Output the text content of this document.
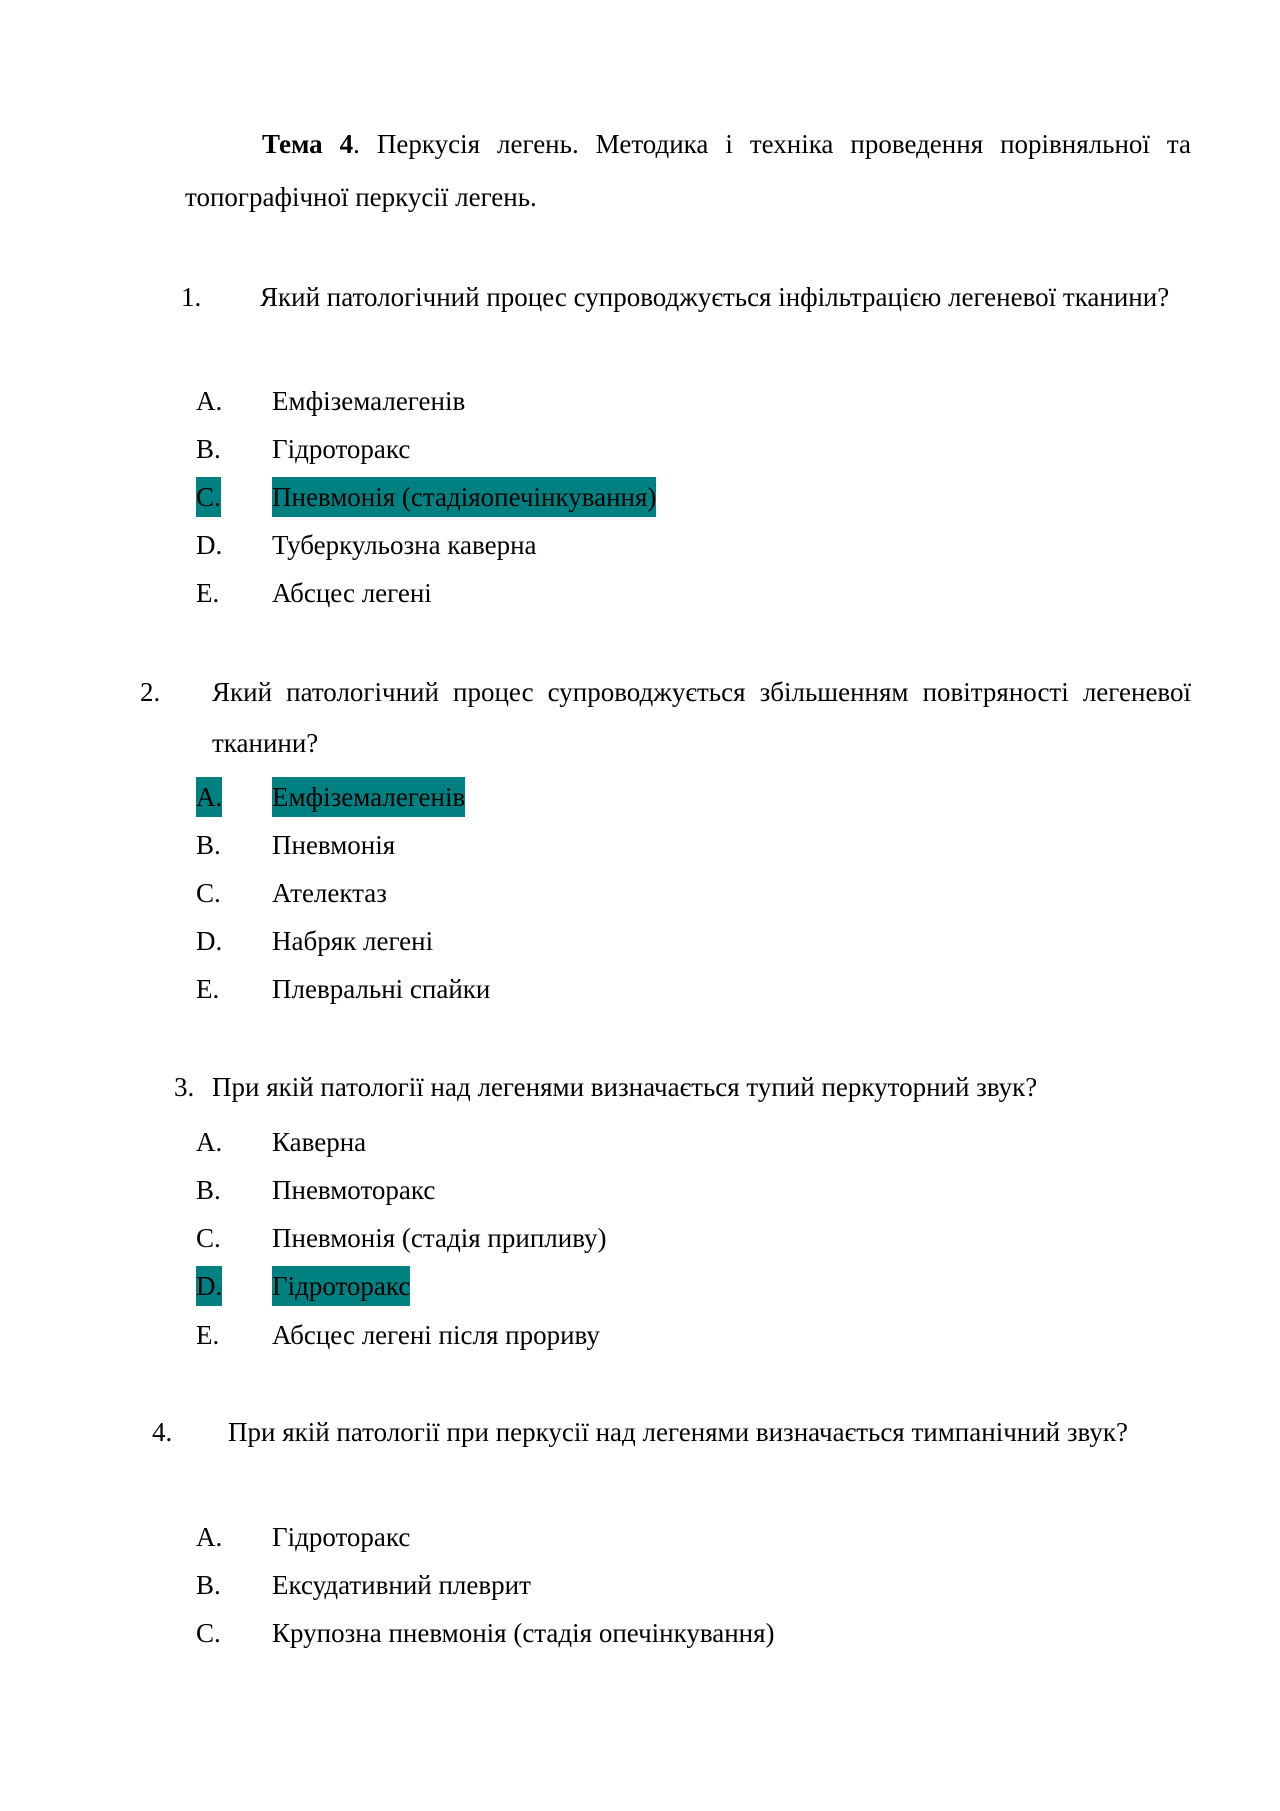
Тема 4. Перкусія легень. Методика і техніка проведення порівняльної та топографічної перкусії легень.
1. Який патологічний процес супроводжується інфільтрацією легеневої тканини?
A. Емфіземалегенів
B. Гідроторакс
C. Пневмонія (стадіяопечінкування)
D. Туберкульозна каверна
E. Абсцес легені
2. Який патологічний процес супроводжується збільшенням повітряності легеневої тканини?
A. Емфіземалегенів
B. Пневмонія
C. Ателектаз
D. Набряк легені
E. Плевральні спайки
3. При якій патології над легенями визначається тупий перкуторний звук?
A. Каверна
B. Пневмоторакс
C. Пневмонія (стадія припливу)
D. Гідроторакс
E. Абсцес легені після прориву
4. При якій патології при перкусії над легенями визначається тимпанічний звук?
A. Гідроторакс
B. Ексудативний плеврит
C. Крупозна пневмонія (стадія опечінкування)
